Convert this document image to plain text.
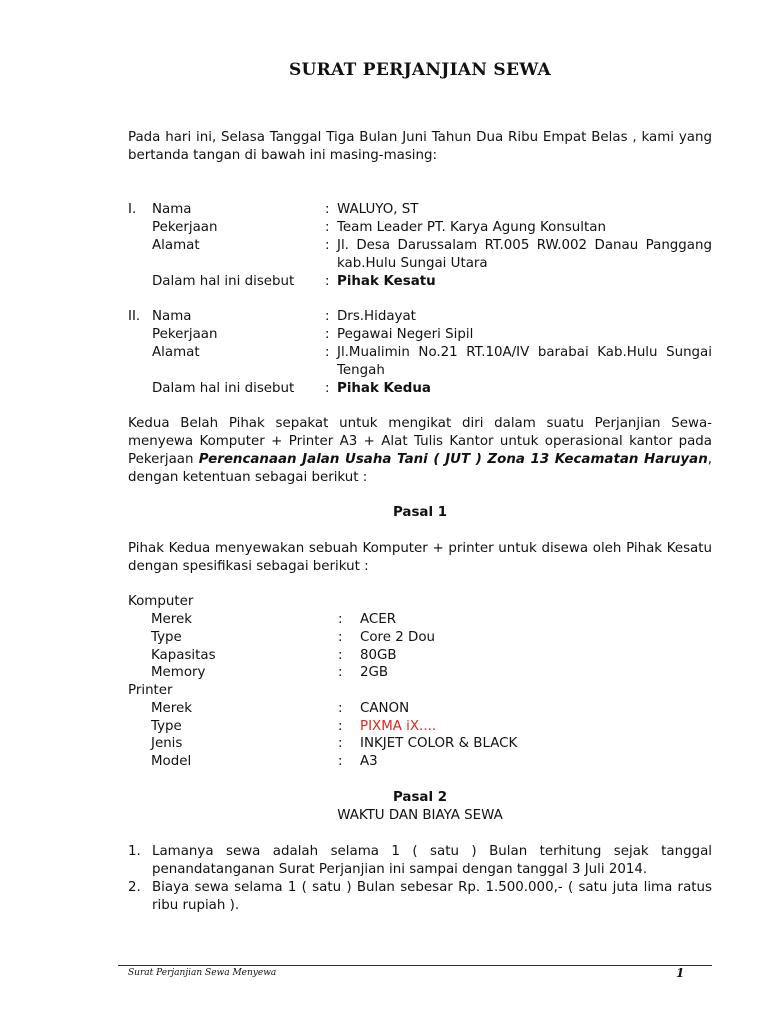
SURAT PERJANJIAN SEWA
Pada hari ini, Selasa Tanggal Tiga Bulan Juni Tahun Dua Ribu Empat Belas , kami yang bertanda tangan di bawah ini masing-masing:
I. Nama	: WALUYO, ST
Pekerjaan	: Team Leader PT. Karya Agung Konsultan
Alamat	: Jl. Desa Darussalam RT.005 RW.002 Danau Panggang
kab.Hulu Sungai Utara
Dalam hal ini disebut : Pihak Kesatu
II. Nama	: Drs.Hidayat
Pekerjaan	: Pegawai Negeri Sipil
Alamat	: Jl.Mualimin No.21 RT.10A/IV barabai Kab.Hulu Sungai
Tengah
Dalam hal ini disebut : Pihak Kedua
Kedua Belah Pihak sepakat untuk mengikat diri dalam suatu Perjanjian Sewa-menyewa Komputer + Printer A3 + Alat Tulis Kantor untuk operasional kantor pada Pekerjaan Perencanaan Jalan Usaha Tani ( JUT ) Zona 13 Kecamatan Haruyan, dengan ketentuan sebagai berikut :
Pasal 1
Pihak Kedua menyewakan sebuah Komputer + printer untuk disewa oleh Pihak Kesatu dengan spesifikasi sebagai berikut :
Komputer
Merek	: ACER
Type	: Core 2 Dou
Kapasitas	: 80GB
Memory	: 2GB
Printer
Merek	: CANON
Type	: PIXMA iX....
Jenis	: INKJET COLOR & BLACK
Model	: A3
Pasal 2
WAKTU DAN BIAYA SEWA
1. Lamanya sewa adalah selama 1 ( satu ) Bulan terhitung sejak tanggal penandatanganan Surat Perjanjian ini sampai dengan tanggal 3 Juli 2014.
2. Biaya sewa selama 1 ( satu ) Bulan sebesar Rp. 1.500.000,- ( satu juta lima ratus ribu rupiah ).
Surat Perjanjian Sewa Menyewa	1
